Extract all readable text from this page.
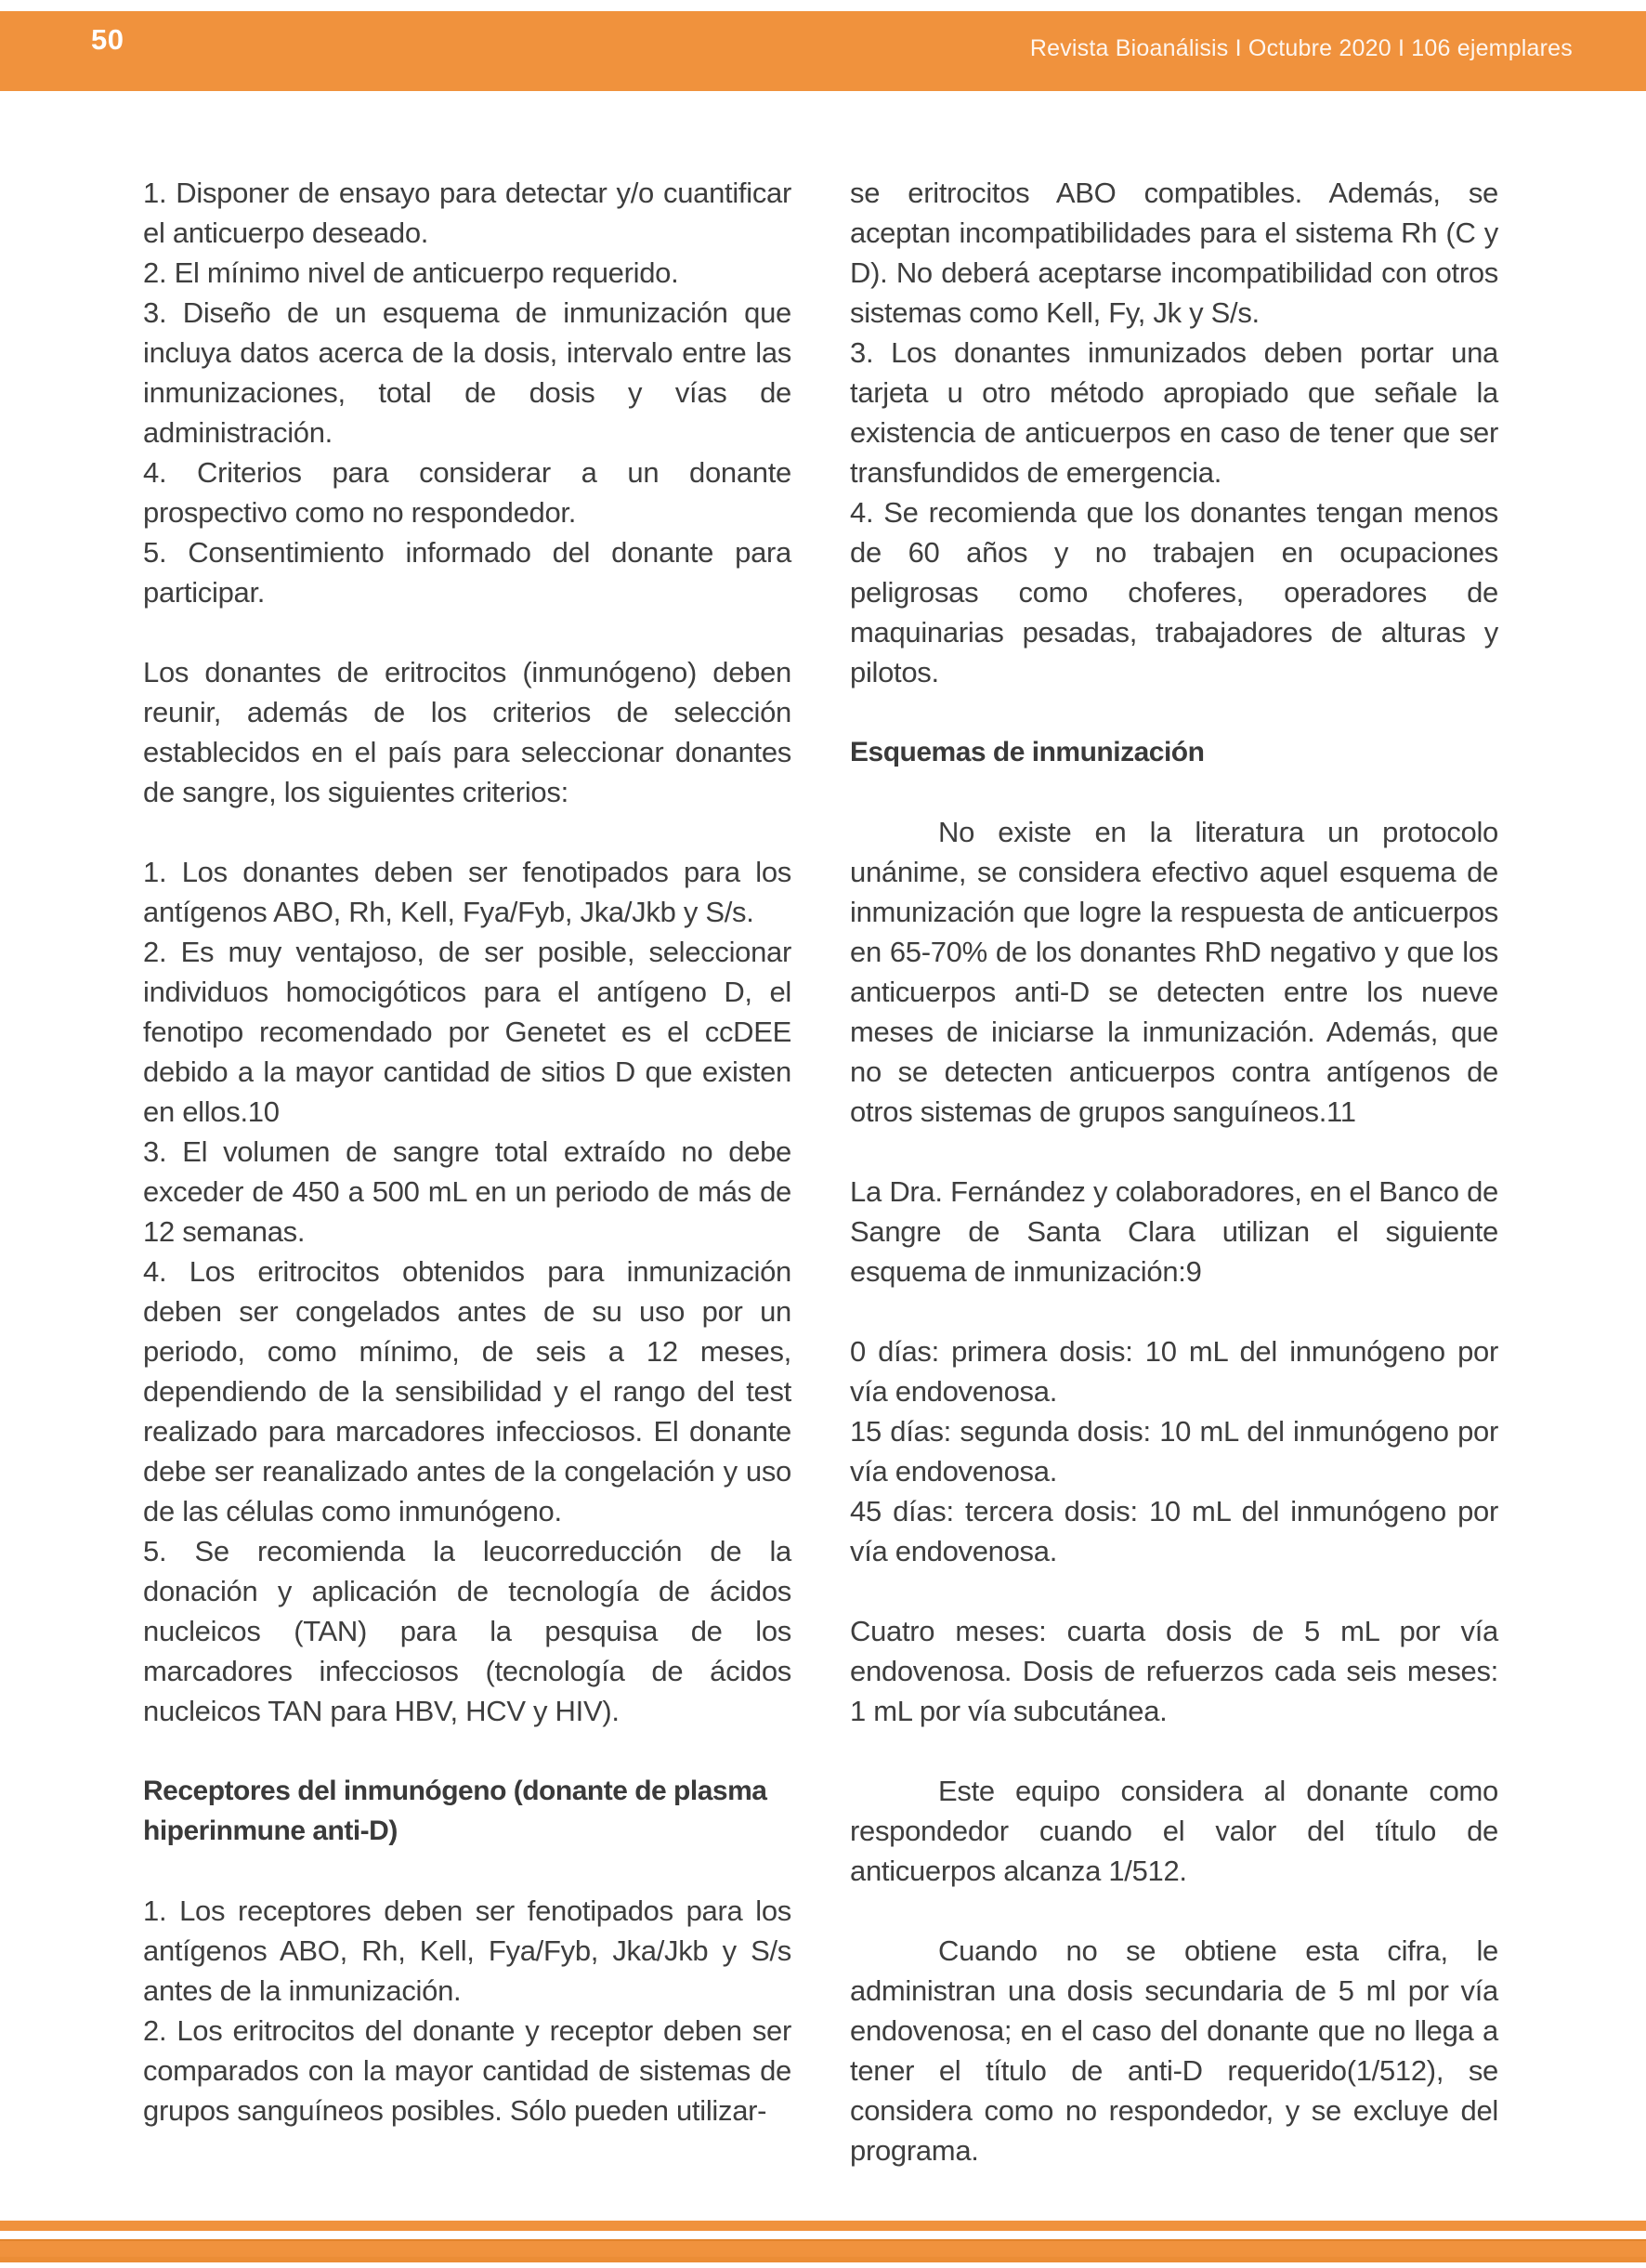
50	Revista Bioanálisis I Octubre 2020 I 106 ejemplares

1. Disponer de ensayo para detectar y/o cuantificar el anticuerpo deseado.

2. El mínimo nivel de anticuerpo requerido.

3. Diseño de un esquema de inmunización que incluya datos acerca de la dosis, intervalo entre las inmunizaciones, total de dosis y vías de administración.

4. Criterios para considerar a un donante prospectivo como no respondedor.

5. Consentimiento informado del donante para participar.

Los donantes de eritrocitos (inmunógeno) deben reunir, además de los criterios de selección establecidos en el país para seleccionar donantes de sangre, los siguientes criterios:

1. Los donantes deben ser fenotipados para los antígenos ABO, Rh, Kell, Fya/Fyb, Jka/Jkb y S/s.

2. Es muy ventajoso, de ser posible, seleccionar individuos homocigóticos para el antígeno D, el fenotipo recomendado por Genetet es el ccDEE debido a la mayor cantidad de sitios D que existen en ellos.10

3. El volumen de sangre total extraído no debe exceder de 450 a 500 mL en un periodo de más de 12 semanas.

4. Los eritrocitos obtenidos para inmunización deben ser congelados antes de su uso por un periodo, como mínimo, de seis a 12 meses, dependiendo de la sensibilidad y el rango del test realizado para marcadores infecciosos. El donante debe ser reanalizado antes de la congelación y uso de las células como inmunógeno.

5. Se recomienda la leucorreducción de la donación y aplicación de tecnología de ácidos nucleicos (TAN) para la pesquisa de los marcadores infecciosos (tecnología de ácidos nucleicos TAN para HBV, HCV y HIV).

Receptores del inmunógeno (donante de plasma hiperinmune anti-D)

1. Los receptores deben ser fenotipados para los antígenos ABO, Rh, Kell, Fya/Fyb, Jka/Jkb y S/s antes de la inmunización.

2. Los eritrocitos del donante y receptor deben ser comparados con la mayor cantidad de sistemas de grupos sanguíneos posibles. Sólo pueden utilizar-

se eritrocitos ABO compatibles. Además, se aceptan incompatibilidades para el sistema Rh (C y D). No deberá aceptarse incompatibilidad con otros sistemas como Kell, Fy, Jk y S/s.

3. Los donantes inmunizados deben portar una tarjeta u otro método apropiado que señale la existencia de anticuerpos en caso de tener que ser transfundidos de emergencia.

4. Se recomienda que los donantes tengan menos de 60 años y no trabajen en ocupaciones peligrosas como choferes, operadores de maquinarias pesadas, trabajadores de alturas y pilotos.

Esquemas de inmunización

No existe en la literatura un protocolo unánime, se considera efectivo aquel esquema de inmunización que logre la respuesta de anticuerpos en 65-70% de los donantes RhD negativo y que los anticuerpos anti-D se detecten entre los nueve meses de iniciarse la inmunización. Además, que no se detecten anticuerpos contra antígenos de otros sistemas de grupos sanguíneos.11

La Dra. Fernández y colaboradores, en el Banco de Sangre de Santa Clara utilizan el siguiente esquema de inmunización:9

0 días: primera dosis: 10 mL del inmunógeno por vía endovenosa.

15 días: segunda dosis: 10 mL del inmunógeno por vía endovenosa.

45 días: tercera dosis: 10 mL del inmunógeno por vía endovenosa.

Cuatro meses: cuarta dosis de 5 mL por vía endovenosa. Dosis de refuerzos cada seis meses: 1 mL por vía subcutánea.

Este equipo considera al donante como respondedor cuando el valor del título de anticuerpos alcanza 1/512.

Cuando no se obtiene esta cifra, le administran una dosis secundaria de 5 ml por vía endovenosa; en el caso del donante que no llega a tener el título de anti-D requerido(1/512), se considera como no respondedor, y se excluye del programa.
